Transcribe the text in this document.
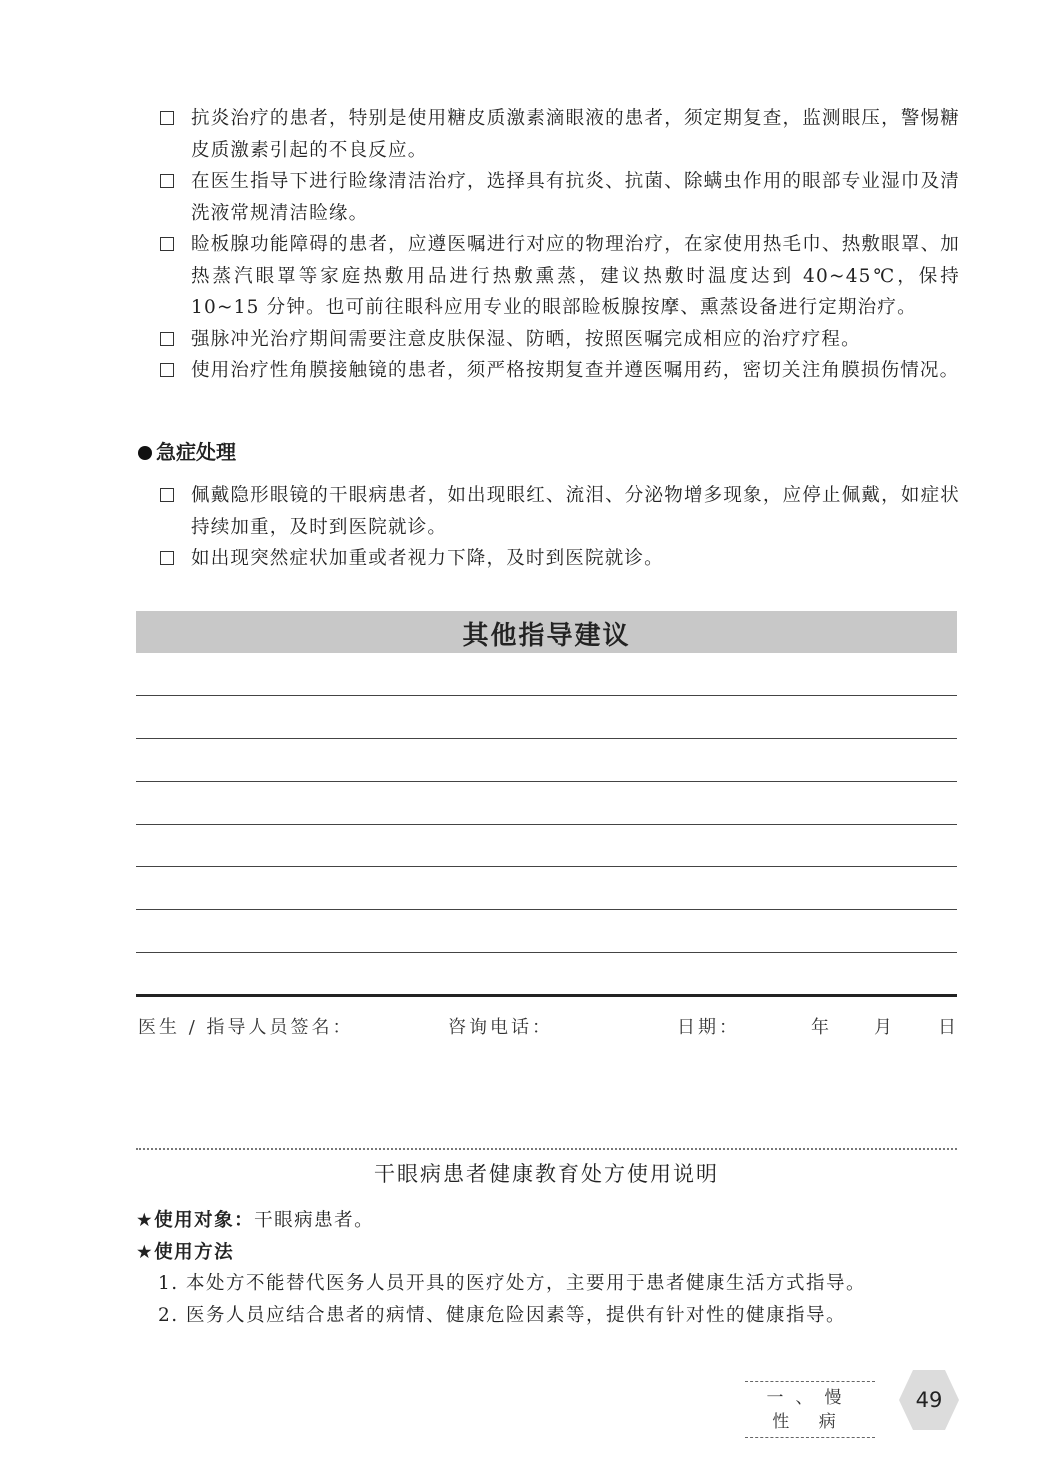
抗炎治疗的患者，特别是使用糖皮质激素滴眼液的患者，须定期复查，监测眼压，警惕糖皮质激素引起的不良反应。
在医生指导下进行睑缘清洁治疗，选择具有抗炎、抗菌、除螨虫作用的眼部专业湿巾及清洗液常规清洁睑缘。
睑板腺功能障碍的患者，应遵医嘱进行对应的物理治疗，在家使用热毛巾、热敷眼罩、加热蒸汽眼罩等家庭热敷用品进行热敷熏蒸，建议热敷时温度达到 40~45℃，保持 10~15 分钟。也可前往眼科应用专业的眼部睑板腺按摩、熏蒸设备进行定期治疗。
强脉冲光治疗期间需要注意皮肤保湿、防晒，按照医嘱完成相应的治疗疗程。
使用治疗性角膜接触镜的患者，须严格按期复查并遵医嘱用药，密切关注角膜损伤情况。
急症处理
佩戴隐形眼镜的干眼病患者，如出现眼红、流泪、分泌物增多现象，应停止佩戴，如症状持续加重，及时到医院就诊。
如出现突然症状加重或者视力下降，及时到医院就诊。
其他指导建议
医生 / 指导人员签名：	咨询电话：	日期：	年 月 日
干眼病患者健康教育处方使用说明
★使用对象：干眼病患者。
★使用方法
1. 本处方不能替代医务人员开具的医疗处方，主要用于患者健康生活方式指导。
2. 医务人员应结合患者的病情、健康危险因素等，提供有针对性的健康指导。
一、慢 性 病
49
